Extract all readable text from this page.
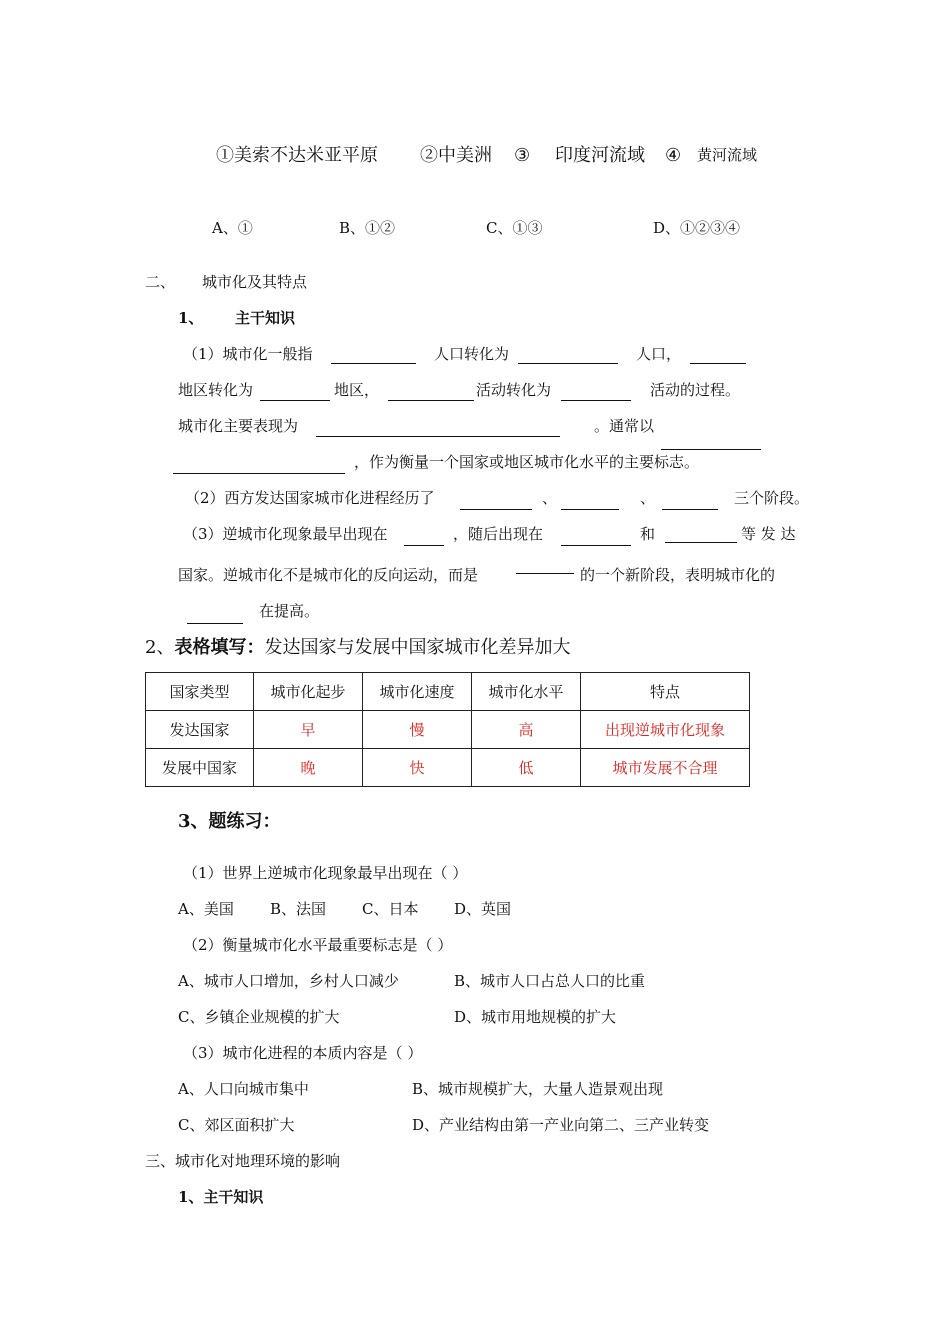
①美索不达米亚平原 ②中美洲 ③ 印度河流域 ④ 黄河流域
A、①	B、①②	C、①③	D、①②③④
二、 城市化及其特点
1、 主干知识
（1）城市化一般指	人口转化为	人口，
地区转化为	地区，	活动转化为	活动的过程。
城市化主要表现为	。通常以
，作为衡量一个国家或地区城市化水平的主要标志。
（2）西方发达国家城市化进程经历了	、	、	三个阶段。
（3）逆城市化现象最早出现在	，随后出现在	和	等 发 达
国家。逆城市化不是城市化的反向运动，而是	的一个新阶段，表明城市化的
在提高。
2、表格填写：发达国家与发展中国家城市化差异加大
国家类型	城市化起步	城市化速度	城市化水平	特点
发达国家	早	慢	高	出现逆城市化现象
发展中国家	晚	快	低	城市发展不合理
3、题练习：
（1）世界上逆城市化现象最早出现在（ ）
A、美国 B、法国 C、日本 D、英国
（2）衡量城市化水平最重要标志是（ ）
A、城市人口增加，乡村人口减少	B、城市人口占总人口的比重
C、乡镇企业规模的扩大	D、城市用地规模的扩大
（3）城市化进程的本质内容是（ ）
A、人口向城市集中	B、城市规模扩大，大量人造景观出现
C、郊区面积扩大	D、产业结构由第一产业向第二、三产业转变
三、城市化对地理环境的影响
1、主干知识
